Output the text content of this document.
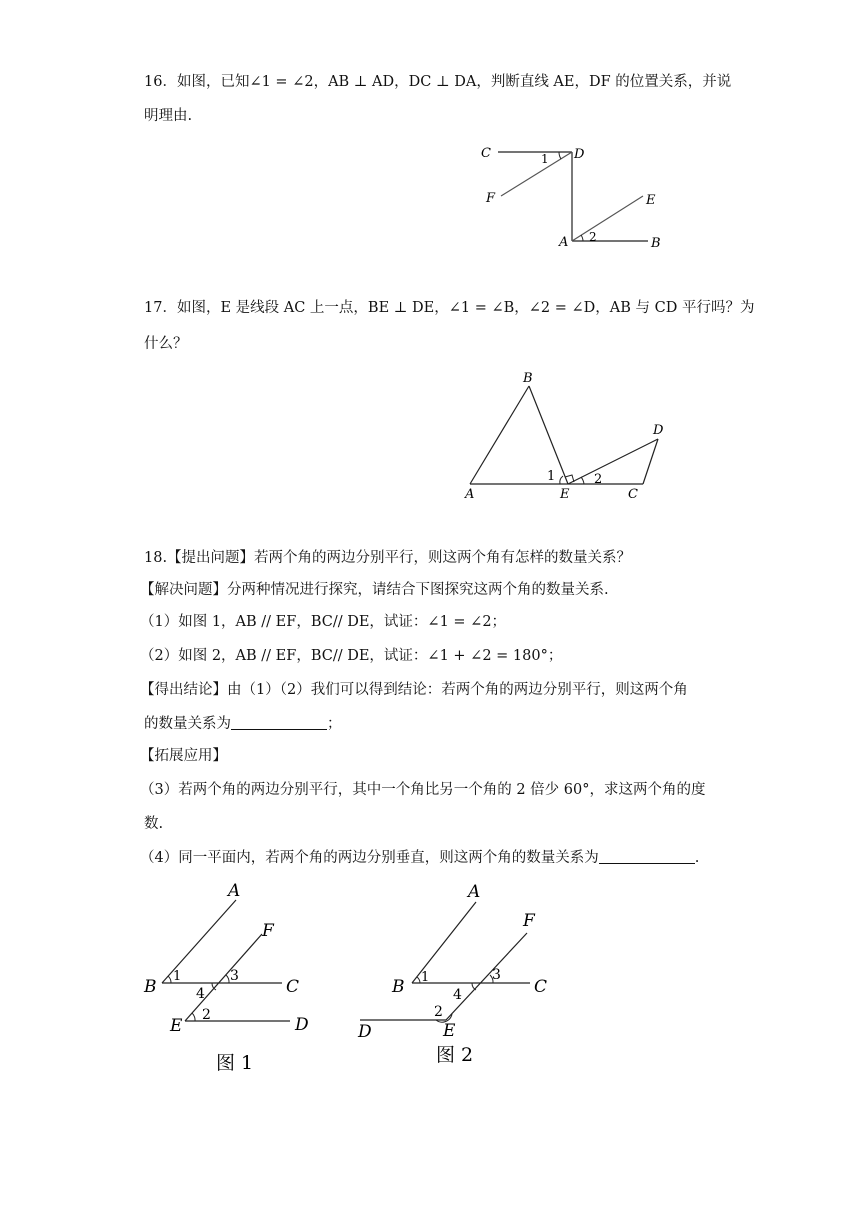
16．如图，已知∠1 = ∠2，AB ⊥ AD，DC ⊥ DA，判断直线 AE，DF 的位置关系，并说
明理由.
C	D
F	E
A	B
1
2
17．如图，E 是线段 AC 上一点，BE ⊥ DE，∠1 = ∠B，∠2 = ∠D，AB 与 CD 平行吗？为
什么？
B
D
A	E	C
1	2
18.【提出问题】若两个角的两边分别平行，则这两个角有怎样的数量关系？
【解决问题】分两种情况进行探究，请结合下图探究这两个角的数量关系.
（1）如图 1，AB // EF，BC// DE，试证：∠1 = ∠2；
（2）如图 2，AB // EF，BC// DE，试证：∠1 + ∠2 = 180°；
【得出结论】由（1）（2）我们可以得到结论：若两个角的两边分别平行，则这两个角
的数量关系为	；
【拓展应用】
（3）若两个角的两边分别平行，其中一个角比另一个角的 2 倍少 60°，求这两个角的度
数.
（4）同一平面内，若两个角的两边分别垂直，则这两个角的数量关系为	.
A
F
B	C
E	D
1
2
3
4
图 1
A
F
B	C
E
D
1
2
3
4
图 2
